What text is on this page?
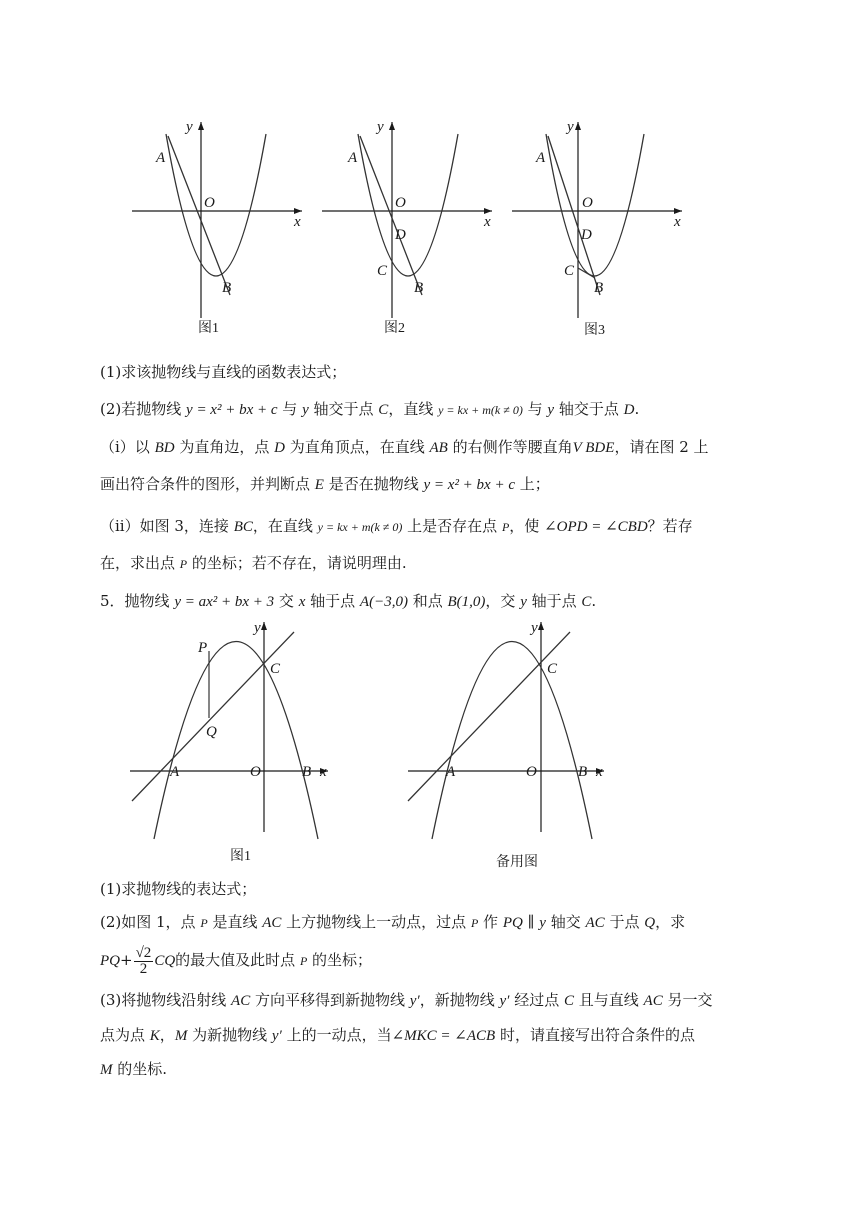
y
x
A
O
B
图1
y
x
A
O
D
C
B
图2
y
x
A
O
D
C
B
图3
(1)求该抛物线与直线的函数表达式；
(2)若抛物线 y = x² + bx + c 与 y 轴交于点 C，直线 y = kx + m(k ≠ 0) 与 y 轴交于点 D.
（i）以 BD 为直角边，点 D 为直角顶点，在直线 AB 的右侧作等腰直角V BDE，请在图 2 上
画出符合条件的图形，并判断点 E 是否在抛物线 y = x² + bx + c 上；
（ii）如图 3，连接 BC，在直线 y = kx + m(k ≠ 0) 上是否存在点 P，使 ∠OPD = ∠CBD？若存
在，求出点 P 的坐标；若不存在，请说明理由.
5．抛物线 y = ax² + bx + 3 交 x 轴于点 A(−3,0) 和点 B(1,0)，交 y 轴于点 C.
y
x
P
C
Q
A	O	B
图1
y
x
C
A	O	B
备用图
(1)求抛物线的表达式；
(2)如图 1，点 P 是直线 AC 上方抛物线上一动点，过点 P 作 PQ ∥ y 轴交 AC 于点 Q，求
$PQ+ \frac{√2}{2}$ CQ的最大值及此时点 P 的坐标；
(3)将抛物线沿射线 AC 方向平移得到新抛物线 y′，新抛物线 y′ 经过点 C 且与直线 AC 另一交
点为点 K，M 为新抛物线 y′ 上的一动点，当∠MKC = ∠ACB 时，请直接写出符合条件的点
M 的坐标.
